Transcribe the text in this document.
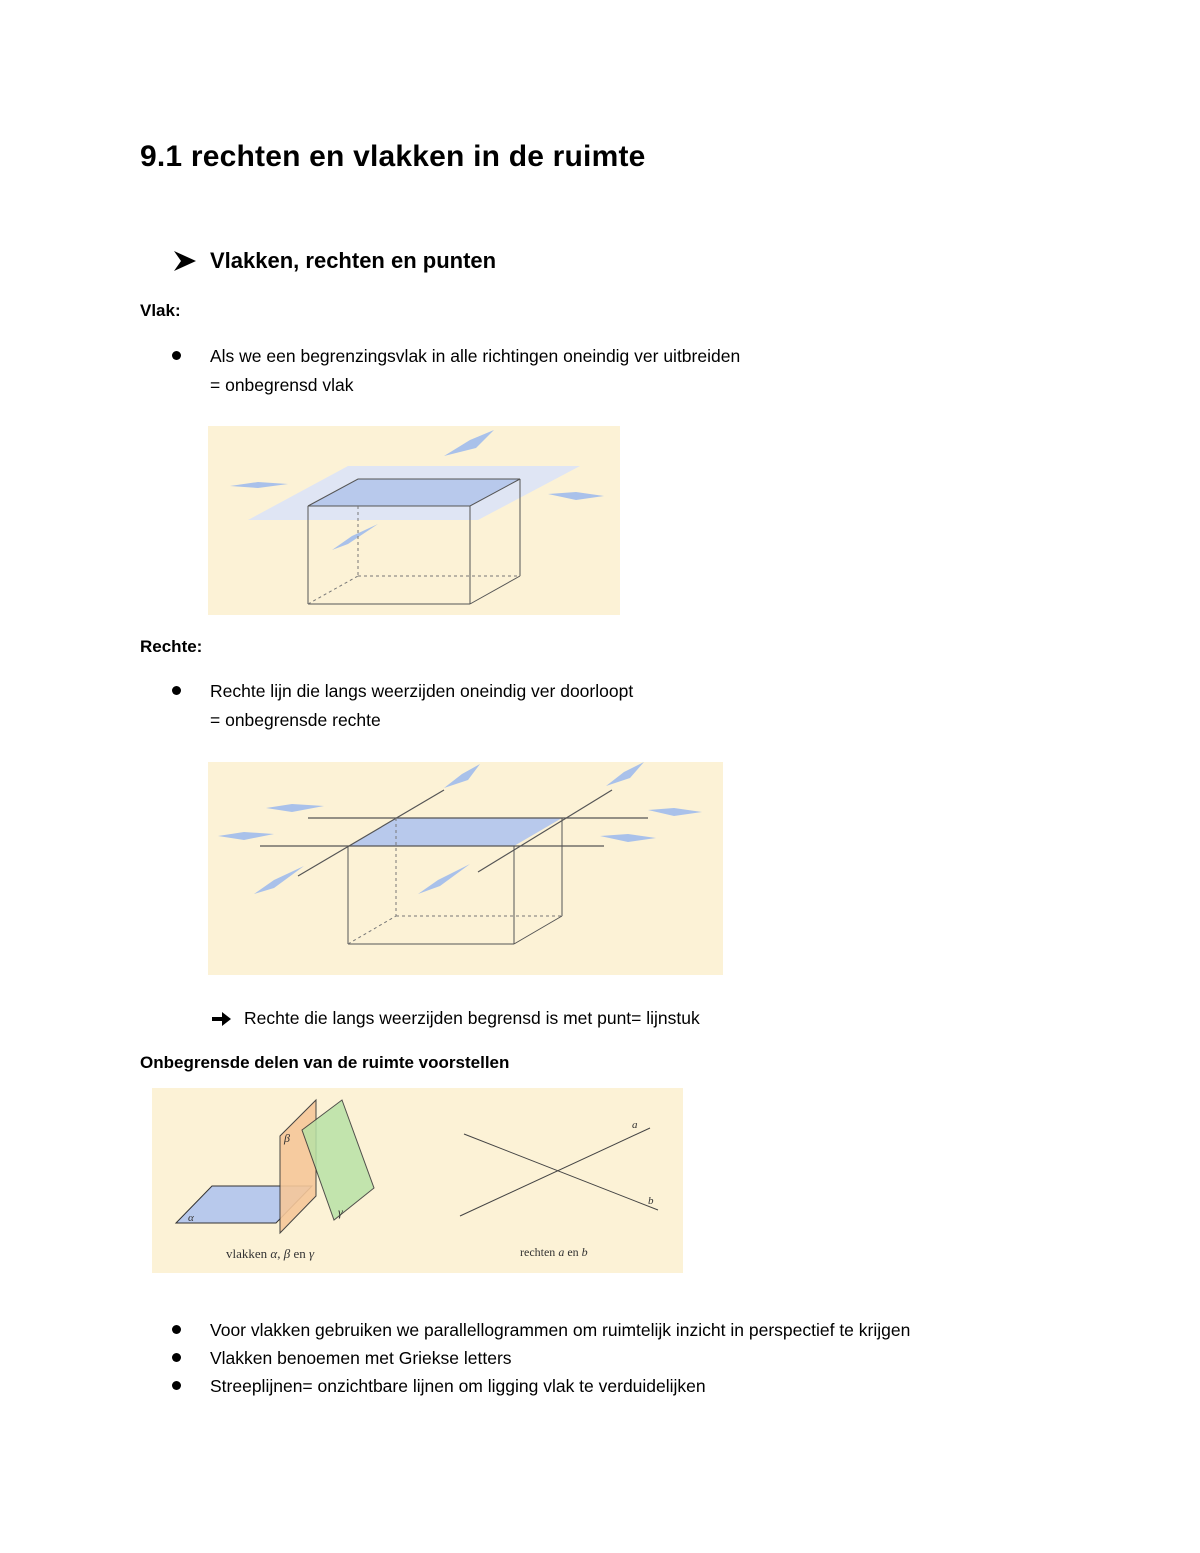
9.1 rechten en vlakken in de ruimte
Vlakken, rechten en punten
Vlak:
Als we een begrenzingsvlak in alle richtingen oneindig ver uitbreiden
= onbegrensd vlak
Rechte:
Rechte lijn die langs weerzijden oneindig ver doorloopt
= onbegrensde rechte
Rechte die langs weerzijden begrensd is met punt= lijnstuk
Onbegrensde delen van de ruimte voorstellen
α
β
γ
vlakken α, β en γ
a
b
rechten a en b
Voor vlakken gebruiken we parallellogrammen om ruimtelijk inzicht in perspectief te krijgen
Vlakken benoemen met Griekse letters
Streeplijnen= onzichtbare lijnen om ligging vlak te verduidelijken
